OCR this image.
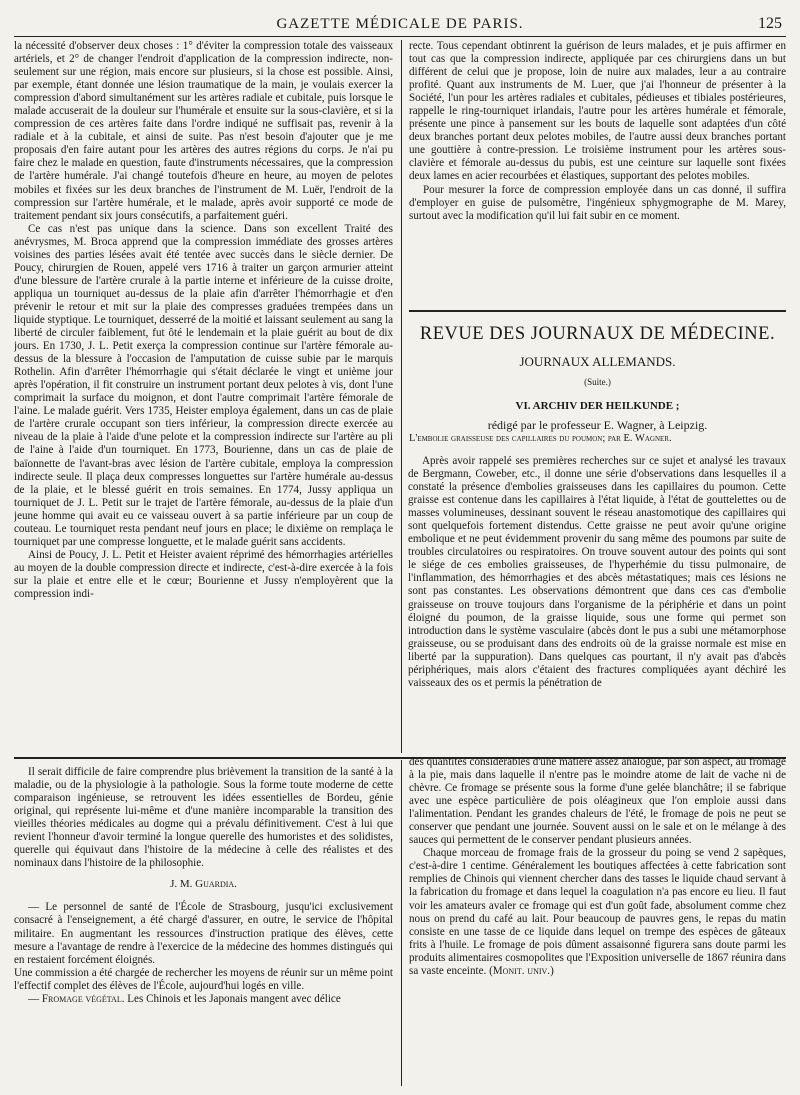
GAZETTE MÉDICALE DE PARIS.	125

la nécessité d'observer deux choses : 1° d'éviter la compression totale des vaisseaux artériels, et 2° de changer l'endroit d'application de la compression indirecte, non-seulement sur une région, mais encore sur plusieurs, si la chose est possible. Ainsi, par exemple, étant donnée une lésion traumatique de la main, je voulais exercer la compression d'abord simultanément sur les artères radiale et cubitale, puis lorsque le malade accuserait de la douleur sur l'humérale et ensuite sur la sous-clavière, et si la compression de ces artères faite dans l'ordre indiqué ne suffisait pas, revenir à la radiale et à la cubitale, et ainsi de suite. Pas n'est besoin d'ajouter que je me proposais d'en faire autant pour les artères des autres régions du corps. Je n'ai pu faire chez le malade en question, faute d'instruments nécessaires, que la compression de l'artère humérale. J'ai changé toutefois d'heure en heure, au moyen de pelotes mobiles et fixées sur les deux branches de l'instrument de M. Luër, l'endroit de la compression sur l'artère humérale, et le malade, après avoir supporté ce mode de traitement pendant six jours consécutifs, a parfaitement guéri.

Ce cas n'est pas unique dans la science. Dans son excellent Traité des anévrysmes, M. Broca apprend que la compression immédiate des grosses artères voisines des parties lésées avait été tentée avec succès dans le siècle dernier. De Poucy, chirurgien de Rouen, appelé vers 1716 à traiter un garçon armurier atteint d'une blessure de l'artère crurale à la partie interne et inférieure de la cuisse droite, appliqua un tourniquet au-dessus de la plaie afin d'arrêter l'hémorrhagie et d'en prévenir le retour et mit sur la plaie des compresses graduées trempées dans un liquide styptique. Le tourniquet, desserré de la moitié et laissant seulement au sang la liberté de circuler faiblement, fut ôté le lendemain et la plaie guérit au bout de dix jours. En 1730, J. L. Petit exerça la compression continue sur l'artère fémorale au-dessus de la blessure à l'occasion de l'amputation de cuisse subie par le marquis Rothelin. Afin d'arrêter l'hémorrhagie qui s'était déclarée le vingt et unième jour après l'opération, il fit construire un instrument portant deux pelotes à vis, dont l'une comprimait la surface du moignon, et dont l'autre comprimait l'artère fémorale de l'aine. Le malade guérit. Vers 1735, Heister employa également, dans un cas de plaie de l'artère crurale occupant son tiers inférieur, la compression directe exercée au niveau de la plaie à l'aide d'une pelote et la compression indirecte sur l'artère au pli de l'aine à l'aide d'un tourniquet. En 1773, Bourienne, dans un cas de plaie de baïonnette de l'avant-bras avec lésion de l'artère cubitale, employa la compression indirecte seule. Il plaça deux compresses longuettes sur l'artère humérale au-dessus de la plaie, et le blessé guérit en trois semaines. En 1774, Jussy appliqua un tourniquet de J. L. Petit sur le trajet de l'artère fémorale, au-dessus de la plaie d'un jeune homme qui avait eu ce vaisseau ouvert à sa partie inférieure par un coup de couteau. Le tourniquet resta pendant neuf jours en place; le dixième on remplaça le tourniquet par une compresse longuette, et le malade guérit sans accidents.

Ainsi de Poucy, J. L. Petit et Heister avaient réprimé des hémorrhagies artérielles au moyen de la double compression directe et indirecte, c'est-à-dire exercée à la fois sur la plaie et entre elle et le cœur; Bourienne et Jussy n'employèrent que la compression indi-

recte. Tous cependant obtinrent la guérison de leurs malades, et je puis affirmer en tout cas que la compression indirecte, appliquée par ces chirurgiens dans un but différent de celui que je propose, loin de nuire aux malades, leur a au contraire profité. Quant aux instruments de M. Luer, que j'ai l'honneur de présenter à la Société, l'un pour les artères radiales et cubitales, pédieuses et tibiales postérieures, rappelle le ring-tourniquet irlandais, l'autre pour les artères humérale et fémorale, présente une pince à pansement sur les bouts de laquelle sont adaptées d'un côté deux branches portant deux pelotes mobiles, de l'autre aussi deux branches portant une gouttière à contre-pression. Le troisième instrument pour les artères sous-clavière et fémorale au-dessus du pubis, est une ceinture sur laquelle sont fixées deux lames en acier recourbées et élastiques, supportant des pelotes mobiles.

Pour mesurer la force de compression employée dans un cas donné, il suffira d'employer en guise de pulsomètre, l'ingénieux sphygmographe de M. Marey, surtout avec la modification qu'il lui fait subir en ce moment.

REVUE DES JOURNAUX DE MÉDECINE.
JOURNAUX ALLEMANDS.
(Suite.)
VI. ARCHIV DER HEILKUNDE ;
rédigé par le professeur E. Wagner, à Leipzig.
L'embolie graisseuse des capillaires du poumon; par E. Wagner.

Après avoir rappelé ses premières recherches sur ce sujet et analysé les travaux de Bergmann, Coweber, etc., il donne une série d'observations dans lesquelles il a constaté la présence d'embolies graisseuses dans les capillaires du poumon. Cette graisse est contenue dans les capillaires à l'état liquide, à l'état de gouttelettes ou de masses volumineuses, dessinant souvent le réseau anastomotique des capillaires qui sont quelquefois fortement distendus. Cette graisse ne peut avoir qu'une origine embolique et ne peut évidemment provenir du sang même des poumons par suite de troubles circulatoires ou respiratoires. On trouve souvent autour des points qui sont le siége de ces embolies graisseuses, de l'hyperhémie du tissu pulmonaire, de l'inflammation, des hémorrhagies et des abcès métastatiques; mais ces lésions ne sont pas constantes. Les observations démontrent que dans ces cas d'embolie graisseuse on trouve toujours dans l'organisme de la périphérie et dans un point éloigné du poumon, de la graisse liquide, sous une forme qui permet son introduction dans le système vasculaire (abcès dont le pus a subi une métamorphose graisseuse, ou se produisant dans des endroits où de la graisse normale est mise en liberté par la suppuration). Dans quelques cas pourtant, il n'y avait pas d'abcès périphériques, mais alors c'étaient des fractures compliquées ayant déchiré les vaisseaux des os et permis la pénétration de

Il serait difficile de faire comprendre plus brièvement la transition de la santé à la maladie, ou de la physiologie à la pathologie. Sous la forme toute moderne de cette comparaison ingénieuse, se retrouvent les idées essentielles de Bordeu, génie original, qui représente lui-même et d'une manière incomparable la transition des vieilles théories médicales au dogme qui a prévalu définitivement. C'est à lui que revient l'honneur d'avoir terminé la longue querelle des humoristes et des solidistes, querelle qui équivaut dans l'histoire de la médecine à celle des réalistes et des nominaux dans l'histoire de la philosophie.

J. M. Guardia.

— Le personnel de santé de l'École de Strasbourg, jusqu'ici exclusivement consacré à l'enseignement, a été chargé d'assurer, en outre, le service de l'hôpital militaire. En augmentant les ressources d'instruction pratique des élèves, cette mesure a l'avantage de rendre à l'exercice de la médecine des hommes distingués qui en restaient forcément éloignés.

Une commission a été chargée de rechercher les moyens de réunir sur un même point l'effectif complet des élèves de l'École, aujourd'hui logés en ville.

— Fromage végétal. Les Chinois et les Japonais mangent avec délice

des quantités considérables d'une matière assez analogue, par son aspect, au fromage à la pie, mais dans laquelle il n'entre pas le moindre atome de lait de vache ni de chèvre. Ce fromage se présente sous la forme d'une gelée blanchâtre; il se fabrique avec une espèce particulière de pois oléagineux que l'on emploie aussi dans l'alimentation. Pendant les grandes chaleurs de l'été, le fromage de pois ne peut se conserver que pendant une journée. Souvent aussi on le sale et on le mélange à des sauces qui permettent de le conserver pendant plusieurs années.

Chaque morceau de fromage frais de la grosseur du poing se vend 2 sapèques, c'est-à-dire 1 centime. Généralement les boutiques affectées à cette fabrication sont remplies de Chinois qui viennent chercher dans des tasses le liquide chaud servant à la fabrication du fromage et dans lequel la coagulation n'a pas encore eu lieu. Il faut voir les amateurs avaler ce fromage qui est d'un goût fade, absolument comme chez nous on prend du café au lait. Pour beaucoup de pauvres gens, le repas du matin consiste en une tasse de ce liquide dans lequel on trempe des espèces de gâteaux frits à l'huile. Le fromage de pois dûment assaisonné figurera sans doute parmi les produits alimentaires cosmopolites que l'Exposition universelle de 1867 réunira dans sa vaste enceinte. (Monit. univ.)
